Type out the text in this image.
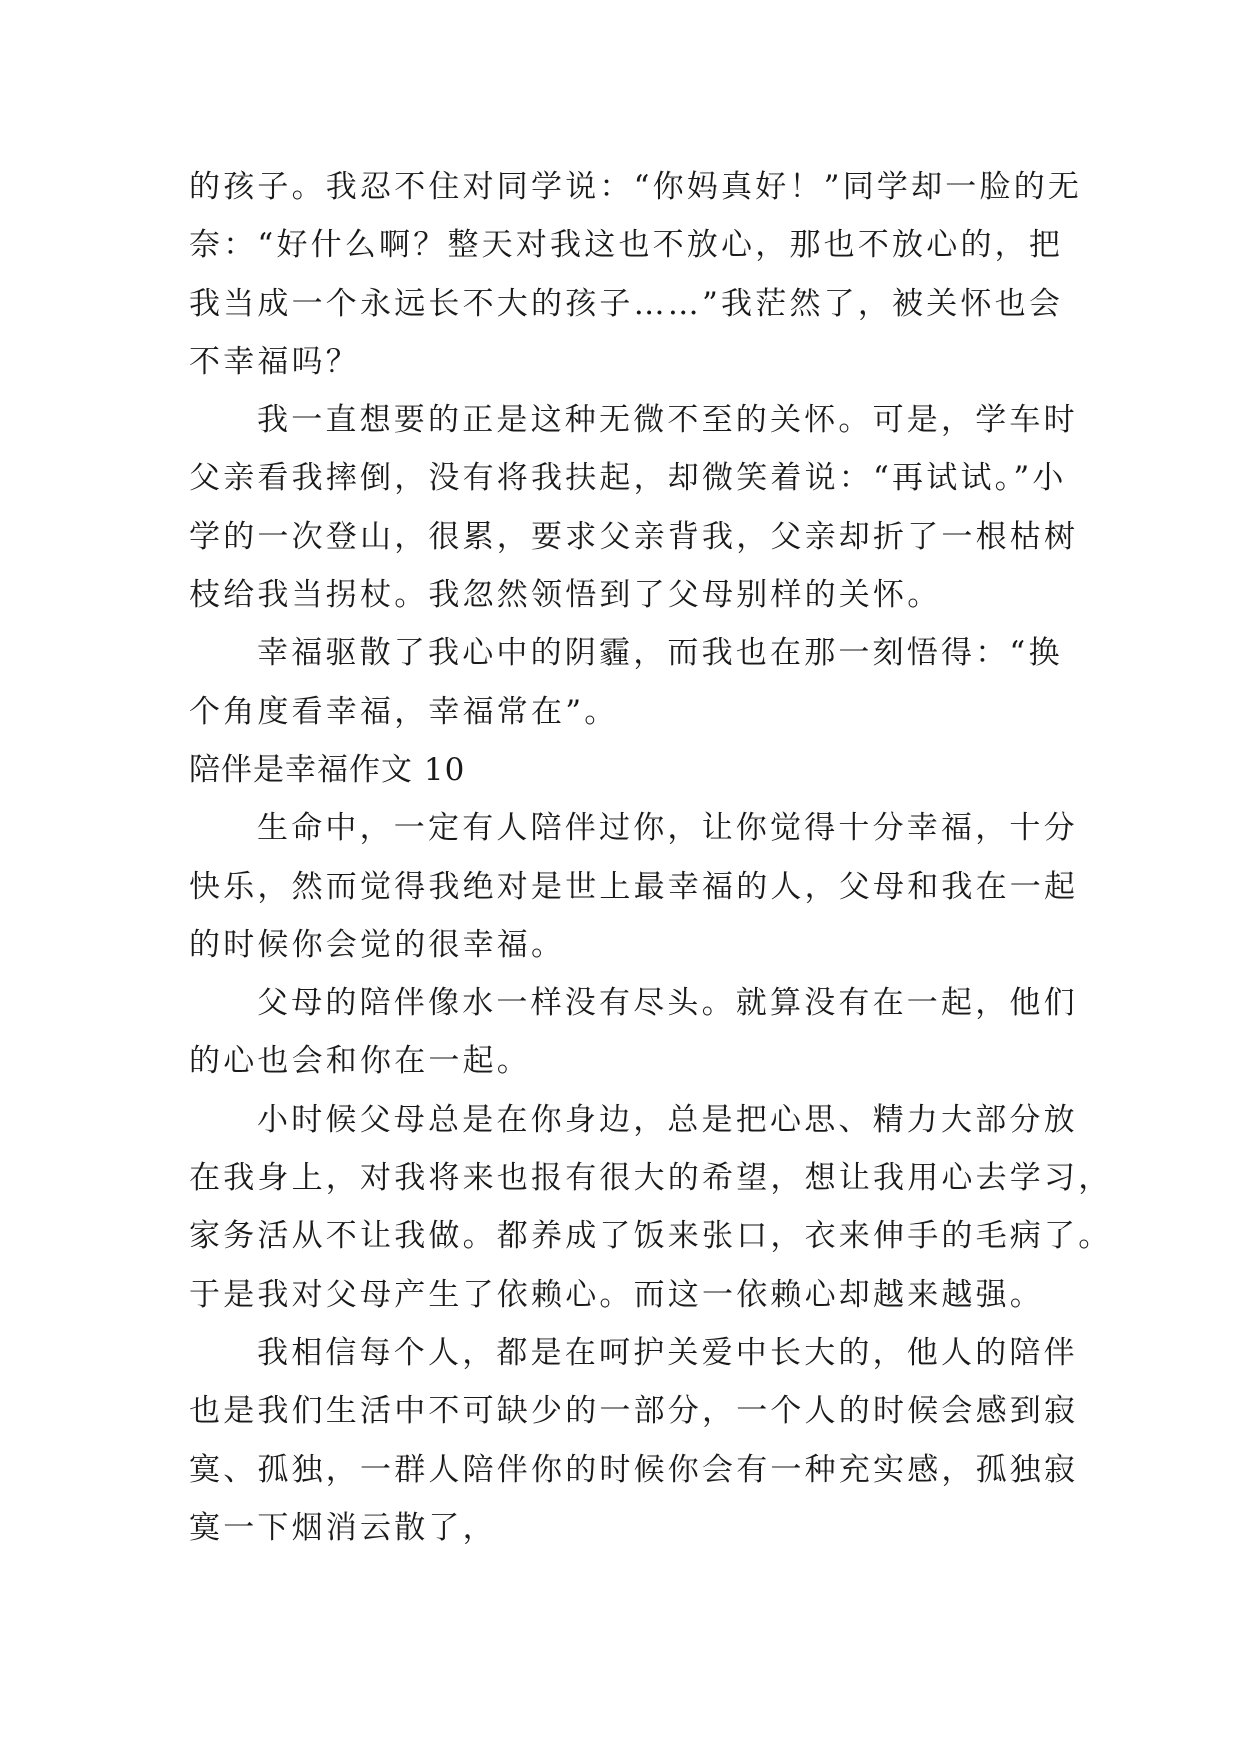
的孩子。我忍不住对同学说：“你妈真好！”同学却一脸的无
奈：“好什么啊？整天对我这也不放心，那也不放心的，把
我当成一个永远长不大的孩子……”我茫然了，被关怀也会
不幸福吗？
我一直想要的正是这种无微不至的关怀。可是，学车时
父亲看我摔倒，没有将我扶起，却微笑着说：“再试试。”小
学的一次登山，很累，要求父亲背我，父亲却折了一根枯树
枝给我当拐杖。我忽然领悟到了父母别样的关怀。
幸福驱散了我心中的阴霾，而我也在那一刻悟得：“换
个角度看幸福，幸福常在”。
陪伴是幸福作文 10
生命中，一定有人陪伴过你，让你觉得十分幸福，十分
快乐，然而觉得我绝对是世上最幸福的人，父母和我在一起
的时候你会觉的很幸福。
父母的陪伴像水一样没有尽头。就算没有在一起，他们
的心也会和你在一起。
小时候父母总是在你身边，总是把心思、精力大部分放
在我身上，对我将来也报有很大的希望，想让我用心去学习，
家务活从不让我做。都养成了饭来张口，衣来伸手的毛病了。
于是我对父母产生了依赖心。而这一依赖心却越来越强。
我相信每个人，都是在呵护关爱中长大的，他人的陪伴
也是我们生活中不可缺少的一部分，一个人的时候会感到寂
寞、孤独，一群人陪伴你的时候你会有一种充实感，孤独寂
寞一下烟消云散了，
